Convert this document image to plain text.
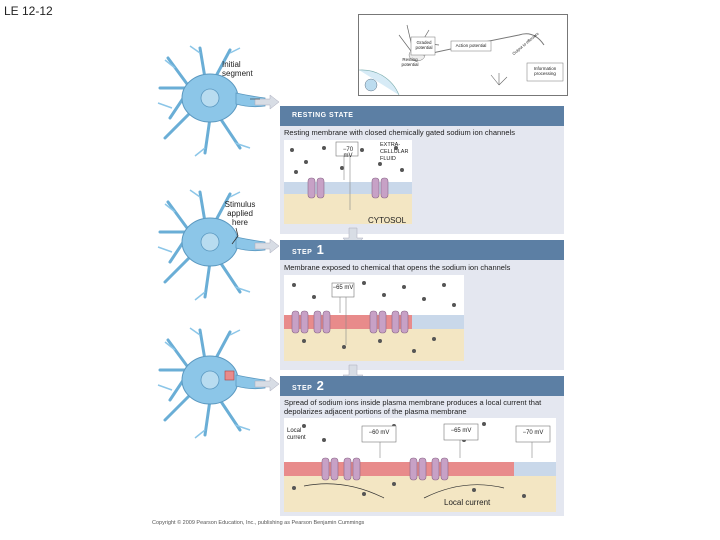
LE 12-12
Graded potential	Action potential
Resting potential
Information processing
Output to effectors
Initial segment
Stimulus applied here
RESTING STATE
Resting membrane with closed chemically gated sodium ion channels
−70 mV
EXTRA-CELLULAR FLUID
CYTOSOL
STEP 1
Membrane exposed to chemical that opens the sodium ion channels
−65 mV
STEP 2
Spread of sodium ions inside plasma membrane produces a local current that depolarizes adjacent portions of the plasma membrane
−60 mV	−65 mV	−70 mV
Local current
Local current
Copyright © 2009 Pearson Education, Inc., publishing as Pearson Benjamin Cummings
